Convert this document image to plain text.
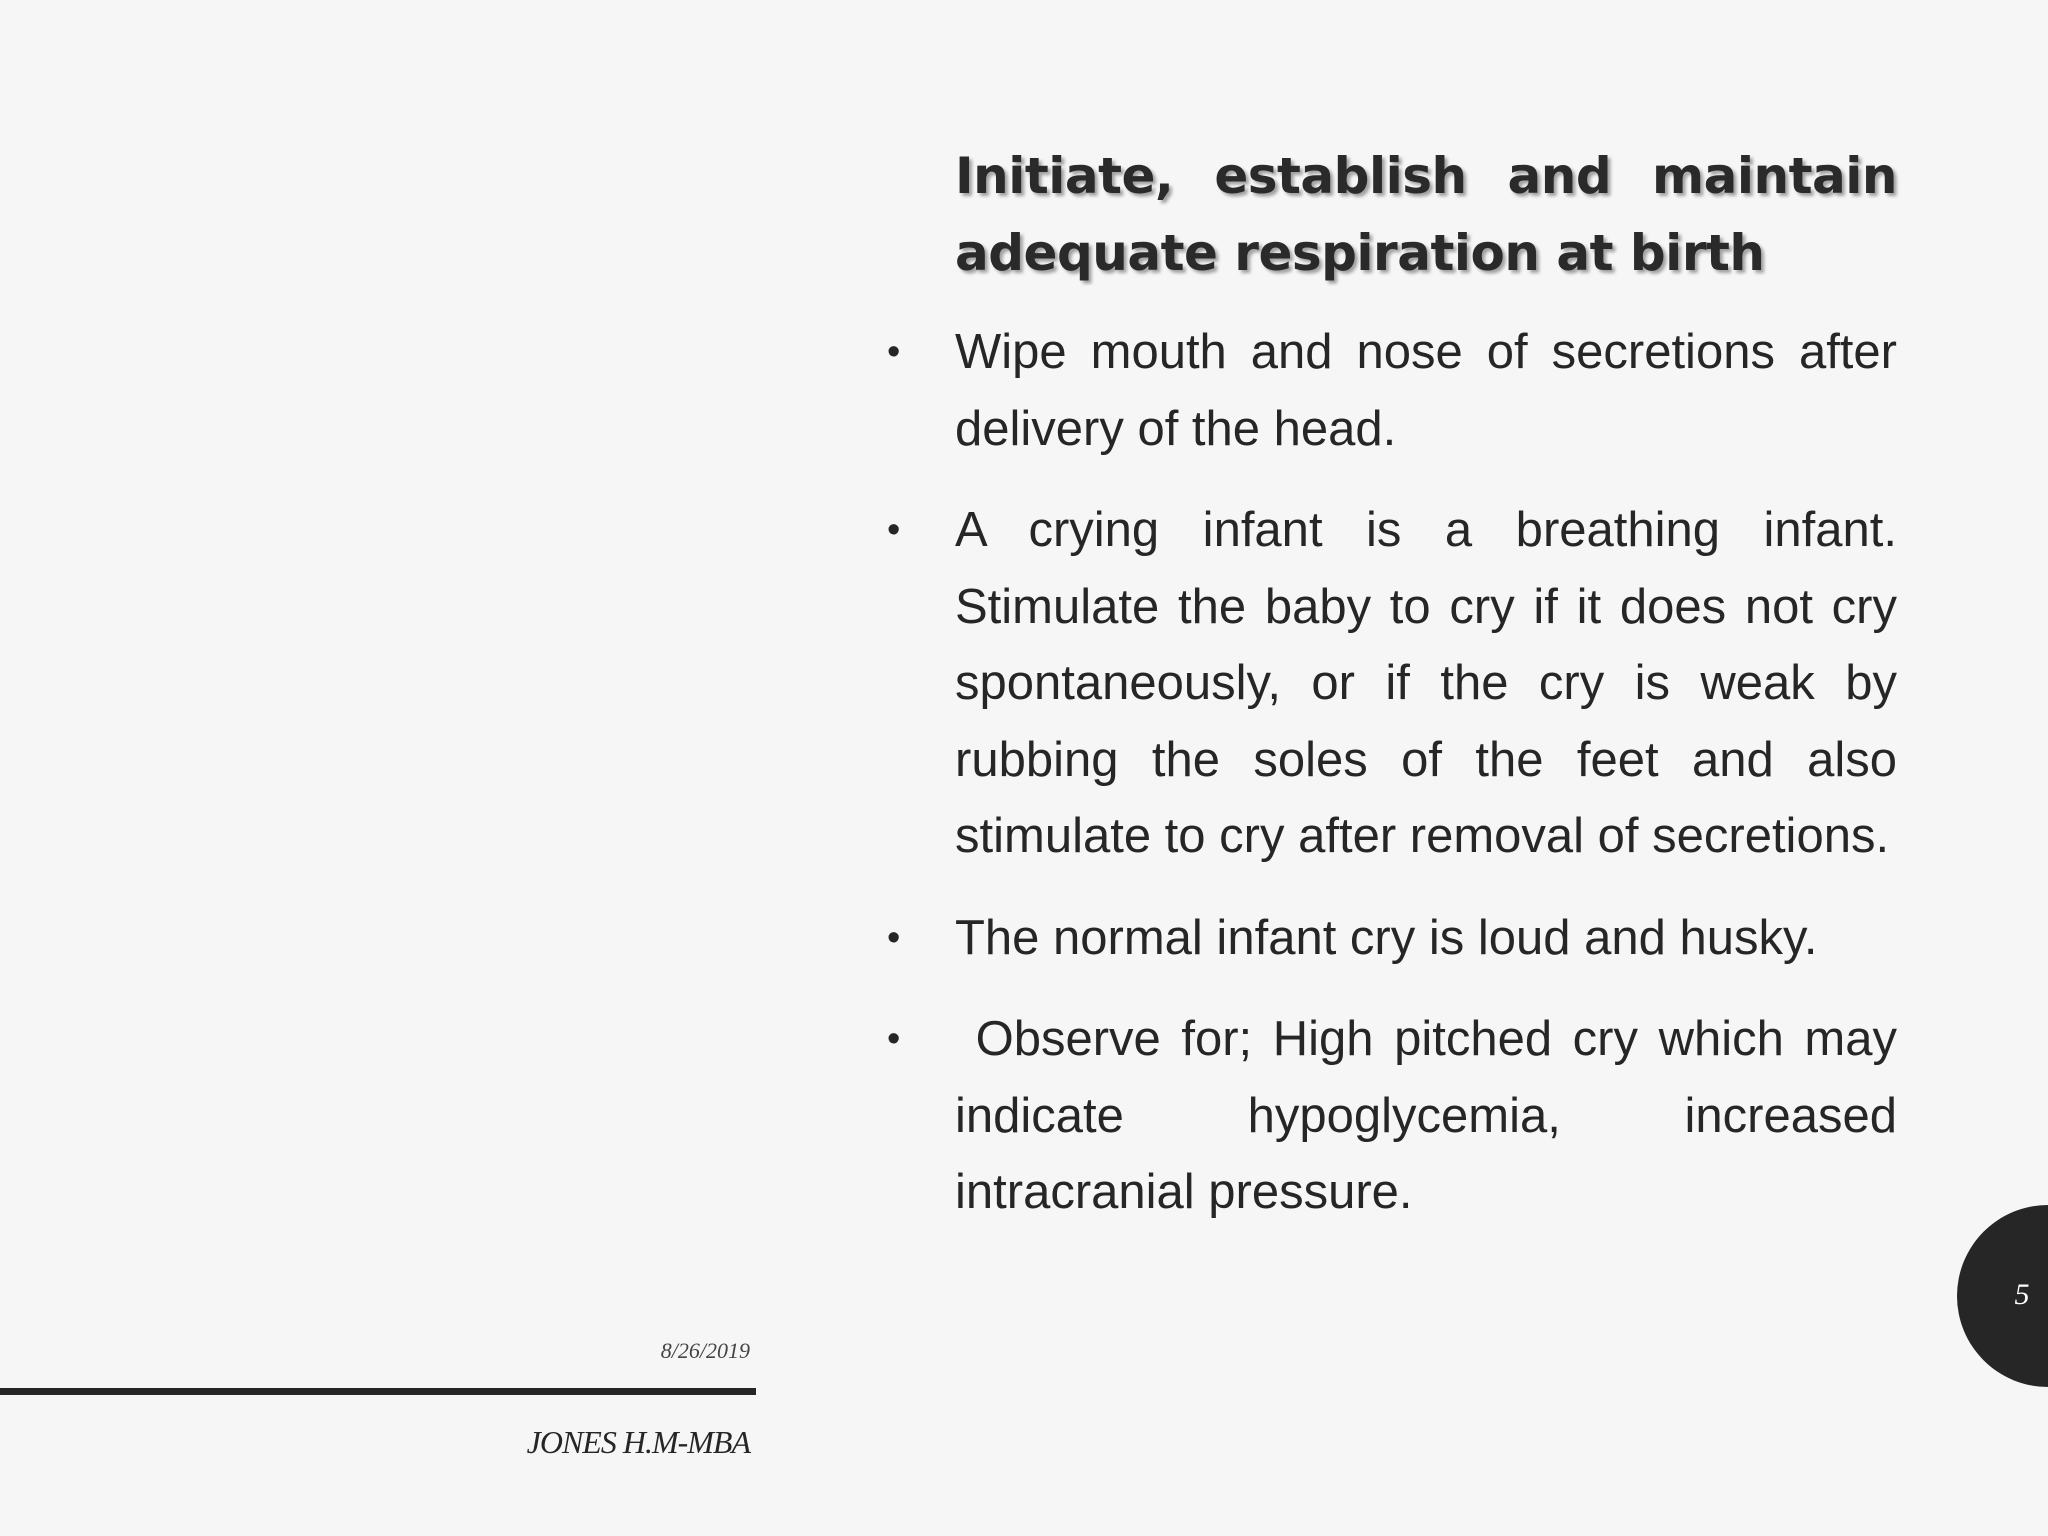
Initiate, establish and maintain adequate respiration at birth
• Wipe mouth and nose of secretions after delivery of the head.
• A crying infant is a breathing infant. Stimulate the baby to cry if it does not cry spontaneously, or if the cry is weak by rubbing the soles of the feet and also stimulate to cry after removal of secretions.
• The normal infant cry is loud and husky.
• Observe for; High pitched cry which may indicate hypoglycemia, increased intracranial pressure.
8/26/2019
JONES H.M-MBA
5
